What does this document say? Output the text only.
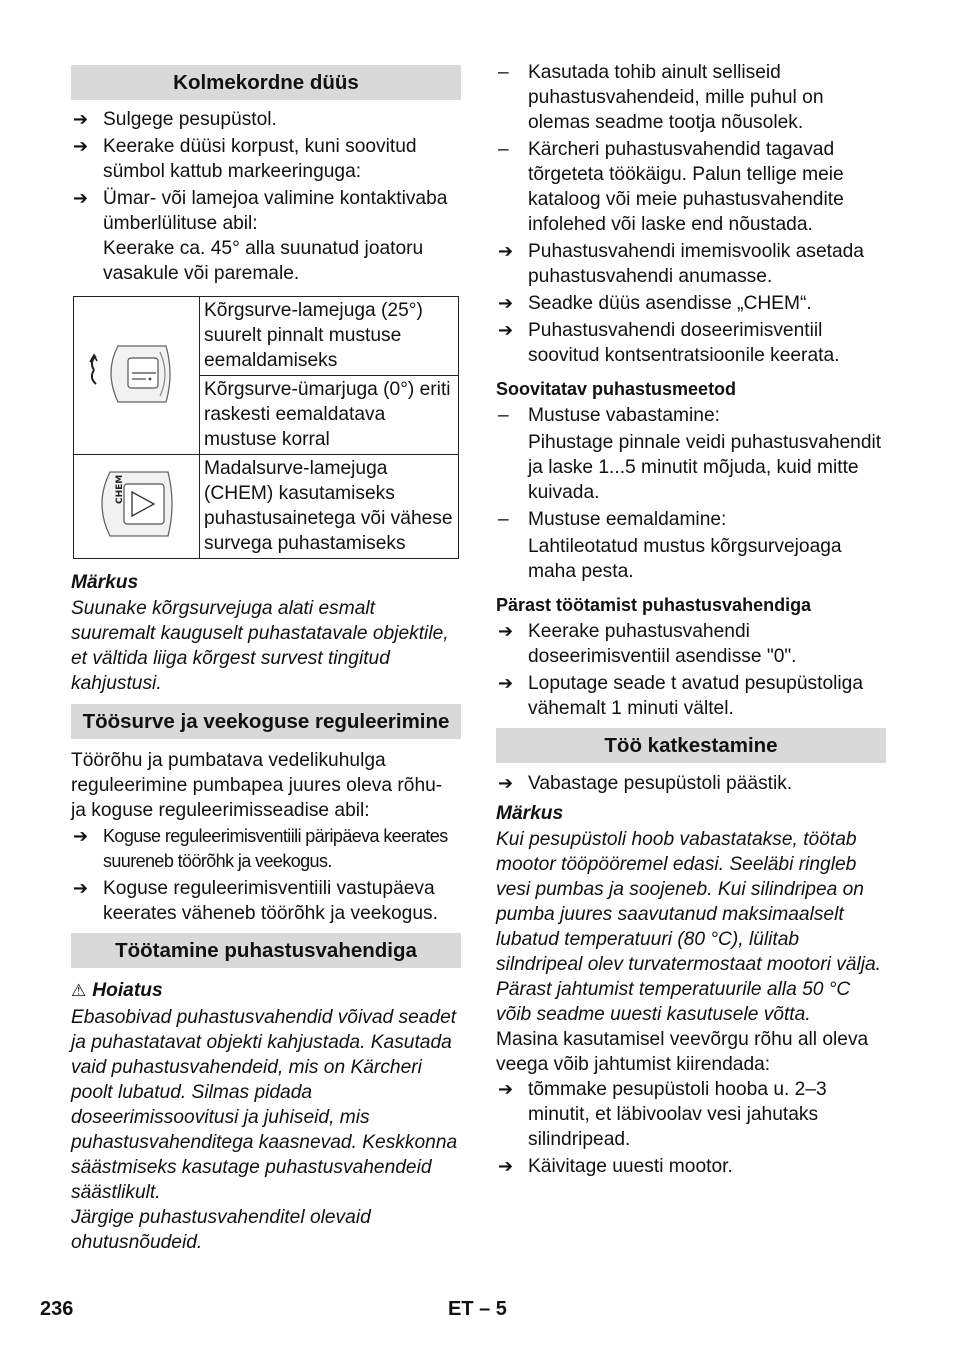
Kolmekordne düüs
➔ Sulgege pesupüstol.
➔ Keerake düüsi korpust, kuni soovitud sümbol kattub markeeringuga:
➔ Ümar- või lamejoa valimine kontaktivaba ümberlülituse abil:
Keerake ca. 45° alla suunatud joatoru vasakule või paremale.
	Kõrgsurve-lamejuga (25°) suurelt pinnalt mustuse eemaldamiseks
	Kõrgsurve-ümarjuga (0°) eriti raskesti eemaldatava mustuse korral

CHEM	Madalsurve-lamejuga (CHEM) kasutamiseks puhastusainetega või vähese survega puhastamiseks
Märkus
Suunake kõrgsurvejuga alati esmalt suuremalt kauguselt puhastatavale objektile, et vältida liiga kõrgest survest tingitud kahjustusi.
Töösurve ja veekoguse reguleerimine
Töörõhu ja pumbatava vedelikuhulga reguleerimine pumbapea juures oleva rõhu- ja koguse reguleerimisseadise abil:
➔ Koguse reguleerimisventiili päripäeva keerates suureneb töörõhk ja veekogus.
➔ Koguse reguleerimisventiili vastupäeva keerates väheneb töörõhk ja veekogus.
Töötamine puhastusvahendiga
⚠ Hoiatus
Ebasobivad puhastusvahendid võivad seadet ja puhastatavat objekti kahjustada. Kasutada vaid puhastusvahendeid, mis on Kärcheri poolt lubatud. Silmas pidada doseerimissoovitusi ja juhiseid, mis puhastusvahenditega kaasnevad. Keskkonna säästmiseks kasutage puhastusvahendeid säästlikult.
Järgige puhastusvahenditel olevaid ohutusnõudeid.
– Kasutada tohib ainult selliseid puhastusvahendeid, mille puhul on olemas seadme tootja nõusolek.
– Kärcheri puhastusvahendid tagavad tõrgeteta töökäigu. Palun tellige meie kataloog või meie puhastusvahendite infolehed või laske end nõustada.
➔ Puhastusvahendi imemisvoolik asetada puhastusvahendi anumasse.
➔ Seadke düüs asendisse „CHEM“.
➔ Puhastusvahendi doseerimisventiil soovitud kontsentratsioonile keerata.
Soovitatav puhastusmeetod
– Mustuse vabastamine:
Pihustage pinnale veidi puhastusvahendit ja laske 1...5 minutit mõjuda, kuid mitte kuivada.
– Mustuse eemaldamine:
Lahtileotatud mustus kõrgsurvejoaga maha pesta.
Pärast töötamist puhastusvahendiga
➔ Keerake puhastusvahendi doseerimisventiil asendisse "0".
➔ Loputage seade t avatud pesupüstoliga vähemalt 1 minuti vältel.
Töö katkestamine
➔ Vabastage pesupüstoli päästik.
Märkus
Kui pesupüstoli hoob vabastatakse, töötab mootor tööpöörетel edasi. Seeläbi ringleb vesi pumbas ja soojeneb. Kui silindripea on pumba juures saavutanud maksimaalselt lubatud temperatuuri (80 °C), lülitab silndripeal olev turvatermostaat mootori välja. Pärast jahtumist temperatuurile alla 50 °C võib seadme uuesti kasutusele võtta.
Masina kasutamisel veevõrgu rõhu all oleva veega võib jahtumist kiirendada:
➔ tõmmake pesupüstoli hooba u. 2–3 minutit, et läbivoolav vesi jahutaks silindripead.
➔ Käivitage uuesti mootor.
236	ET – 5
